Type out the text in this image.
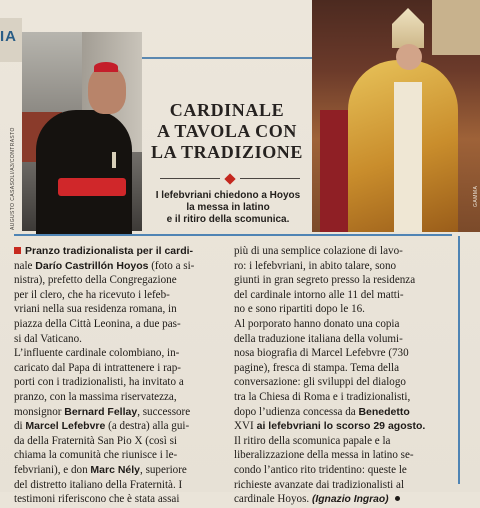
IA
AUGUSTO CASASOLI/A3/CONTRASTO	GAMMA
CARDINALE
A TAVOLA CON
LA TRADIZIONE
I lefebvriani chiedono a Hoyos
la messa in latino
e il ritiro della scomunica.
Pranzo tradizionalista per il cardi-
nale Darío Castrillón Hoyos (foto a si-
nistra), prefetto della Congregazione
per il clero, che ha ricevuto i lefeb-
vriani nella sua residenza romana, in
piazza della Città Leonina, a due pas-
si dal Vaticano.
L’influente cardinale colombiano, in-
caricato dal Papa di intrattenere i rap-
porti con i tradizionalisti, ha invitato a
pranzo, con la massima riservatezza,
monsignor Bernard Fellay, successore
di Marcel Lefebvre (a destra) alla gui-
da della Fraternità San Pio X (così si
chiama la comunità che riunisce i le-
febvriani), e don Marc Nély, superiore
del distretto italiano della Fraternità. I
testimoni riferiscono che è stata assai
più di una semplice colazione di lavo-
ro: i lefebvriani, in abito talare, sono
giunti in gran segreto presso la residenza
del cardinale intorno alle 11 del matti-
no e sono ripartiti dopo le 16.
Al porporato hanno donato una copia
della traduzione italiana della volumi-
nosa biografia di Marcel Lefebvre (730
pagine), fresca di stampa. Tema della
conversazione: gli sviluppi del dialogo
tra la Chiesa di Roma e i tradizionalisti,
dopo l’udienza concessa da Benedetto
XVI ai lefebvriani lo scorso 29 agosto.
Il ritiro della scomunica papale e la
liberalizzazione della messa in latino se-
condo l’antico rito tridentino: queste le
richieste avanzate dai tradizionalisti al
cardinale Hoyos. (Ignazio Ingrao)
